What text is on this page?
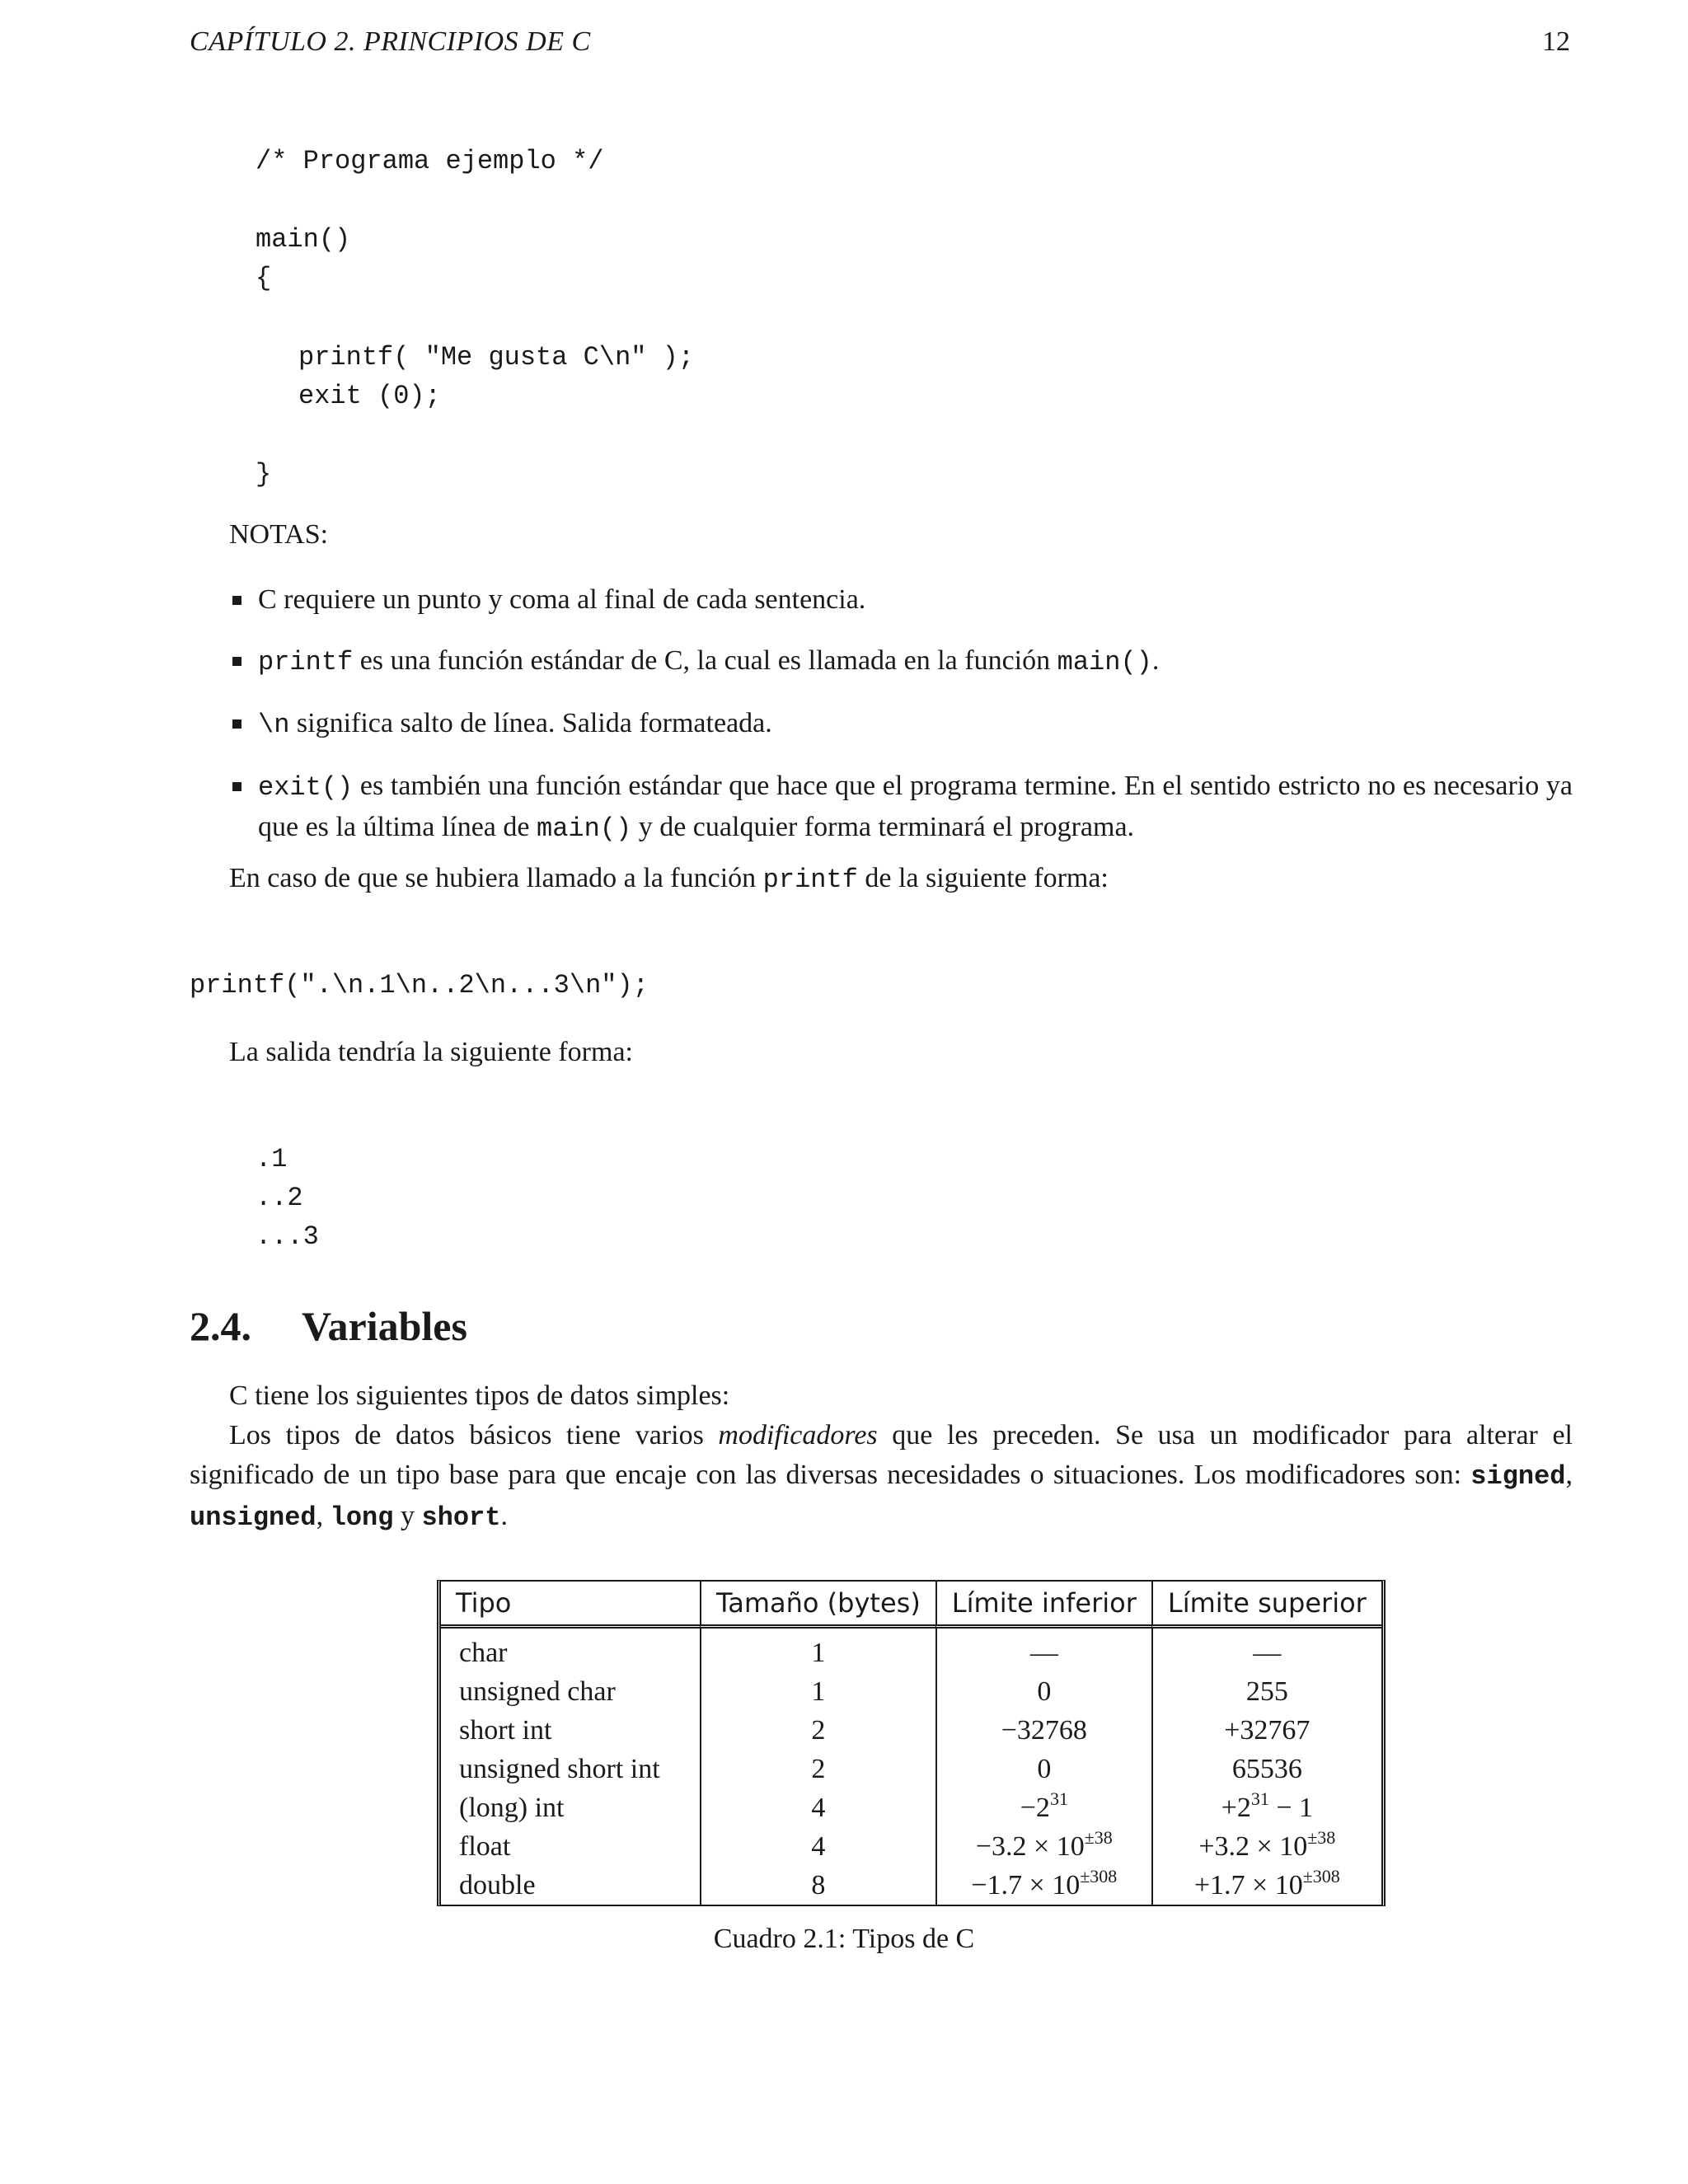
CAPÍTULO 2. PRINCIPIOS DE C	12
/* Programa ejemplo */
main()
{
printf( "Me gusta C\n" );
exit (0);
}
NOTAS:
C requiere un punto y coma al final de cada sentencia.
printf es una función estándar de C, la cual es llamada en la función main().
\n significa salto de línea. Salida formateada.
exit() es también una función estándar que hace que el programa termine. En el sentido estricto no es necesario ya que es la última línea de main() y de cualquier forma terminará el programa.
En caso de que se hubiera llamado a la función printf de la siguiente forma:
printf(".\n.1\n..2\n...3\n");
La salida tendría la siguiente forma:
.1
..2
...3
2.4. Variables
C tiene los siguientes tipos de datos simples:
Los tipos de datos básicos tiene varios modificadores que les preceden. Se usa un modificador para alterar el significado de un tipo base para que encaje con las diversas necesidades o situaciones. Los modificadores son: signed, unsigned, long y short.
Tipo	Tamaño (bytes)	Límite inferior	Límite superior
char	1	—	—
unsigned char	1	0	255
short int	2	−32768	+32767
unsigned short int	2	0	65536
(long) int	4	$-2^{31}$	$+2^{31} - 1$
float	4	$-3.2 \times 10^{\pm 38}$	$+3.2 \times 10^{\pm 38}$
double	8	$-1.7 \times 10^{\pm 308}$	$+1.7 \times 10^{\pm 308}$
Cuadro 2.1: Tipos de C
